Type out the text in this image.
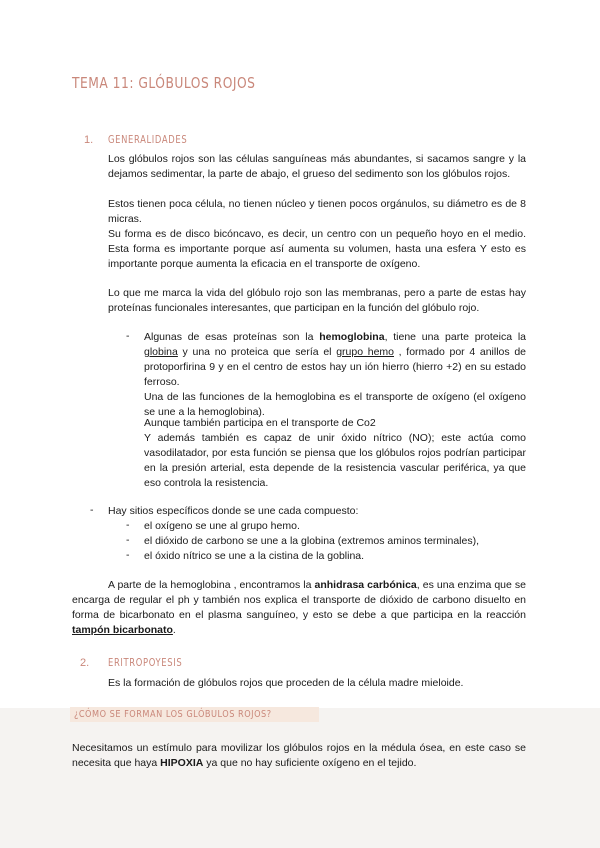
TEMA 11: GLÓBULOS ROJOS
1. GENERALIDADES

Los glóbulos rojos son las células sanguíneas más abundantes, si sacamos sangre y la dejamos sedimentar, la parte de abajo, el grueso del sedimento son los glóbulos rojos.

Estos tienen poca célula, no tienen núcleo y tienen pocos orgánulos, su diámetro es de 8 micras.

Su forma es de disco bicóncavo, es decir, un centro con un pequeño hoyo en el medio. Esta forma es importante porque así aumenta su volumen, hasta una esfera Y esto es importante porque aumenta la eficacia en el transporte de oxígeno.

Lo que me marca la vida del glóbulo rojo son las membranas, pero a parte de estas hay proteínas funcionales interesantes, que participan en la función del glóbulo rojo.

- Algunas de esas proteínas son la hemoglobina, tiene una parte proteica la globina y una no proteica que sería el grupo hemo , formado por 4 anillos de protoporfirina 9 y en el centro de estos hay un ión hierro (hierro +2) en su estado ferroso.

Una de las funciones de la hemoglobina es el transporte de oxígeno (el oxígeno se une a la hemoglobina).

Aunque también participa en el transporte de Co2

Y además también es capaz de unir óxido nítrico (NO); este actúa como vasodilatador, por esta función se piensa que los glóbulos rojos podrían participar en la presión arterial, esta depende de la resistencia vascular periférica, ya que eso controla la resistencia.

- Hay sitios específicos donde se une cada compuesto:

- el oxígeno se une al grupo hemo.

- el dióxido de carbono se une a la globina (extremos aminos terminales),

- el óxido nítrico se une a la cistina de la goblina.

A parte de la hemoglobina , encontramos la anhidrasa carbónica, es una enzima que se encarga de regular el ph y también nos explica el transporte de dióxido de carbono disuelto en forma de bicarbonato en el plasma sanguíneo, y esto se debe a que participa en la reacción tampón bicarbonato.

2. ERITROPOYESIS

Es la formación de glóbulos rojos que proceden de la célula madre mieloide.

¿CÓMO SE FORMAN LOS GLÓBULOS ROJOS?

Necesitamos un estímulo para movilizar los glóbulos rojos en la médula ósea, en este caso se necesita que haya HIPOXIA ya que no hay suficiente oxígeno en el tejido.
